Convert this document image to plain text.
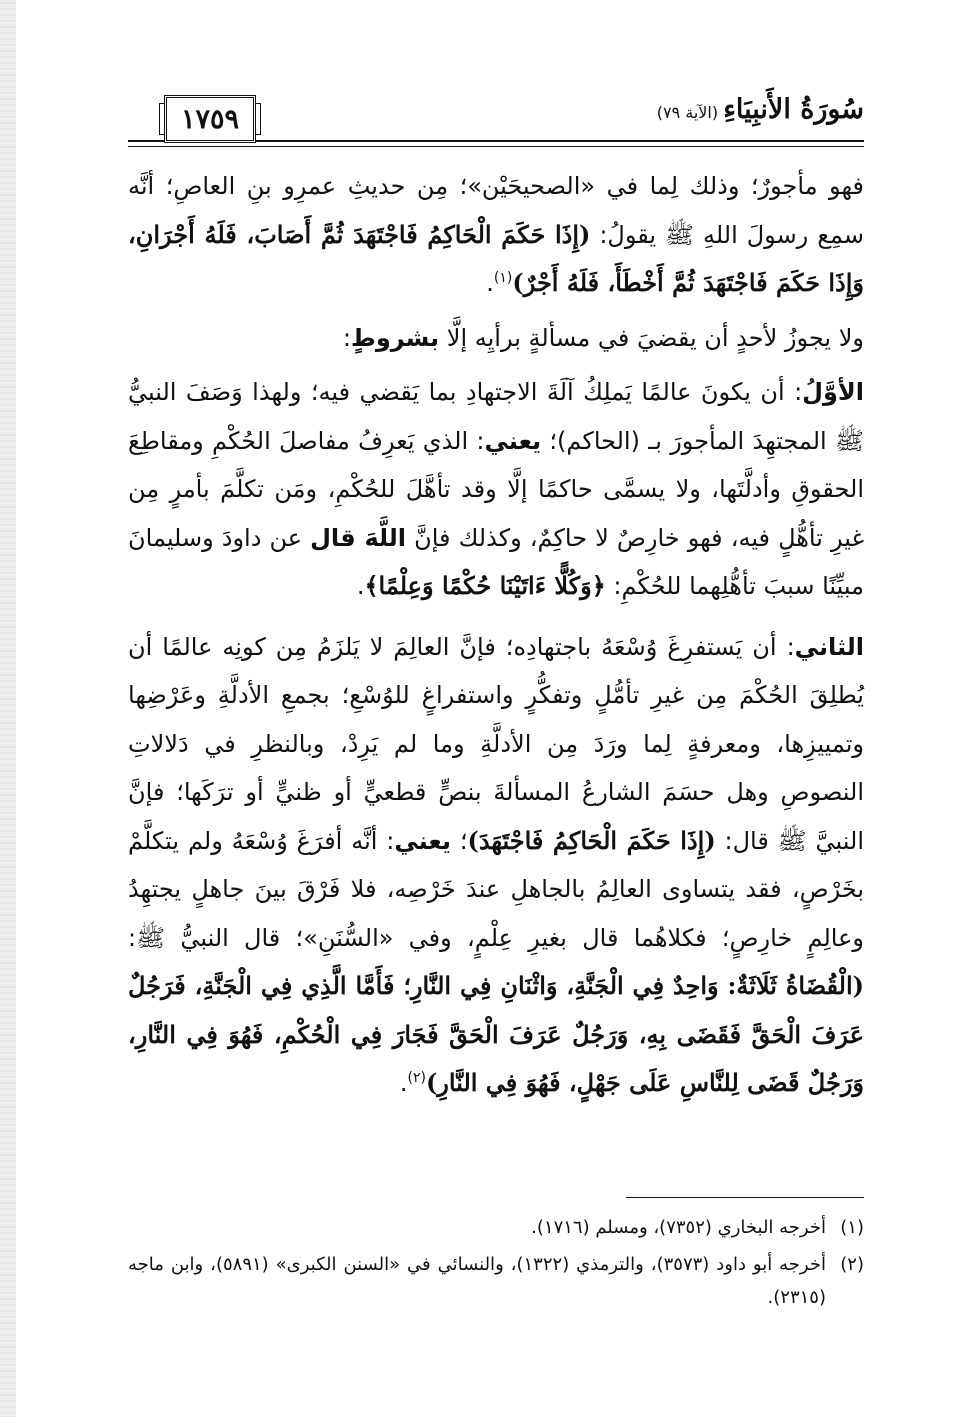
١٧٥٩	سُورَةُ الأَنبِيَاءِ (الآية ٧٩)

فهو مأجورٌ؛ وذلك لِما في «الصحيحَيْن»؛ مِن حديثِ عمرِو بنِ العاصِ؛ أنَّه سمِع رسولَ اللهِ ﷺ يقولُ: (إِذَا حَكَمَ الْحَاكِمُ فَاجْتَهَدَ ثُمَّ أَصَابَ، فَلَهُ أَجْرَانِ، وَإِذَا حَكَمَ فَاجْتَهَدَ ثُمَّ أَخْطَأَ، فَلَهُ أَجْرٌ)$^{(١)}$.

ولا يجوزُ لأحدٍ أن يقضيَ في مسألةٍ برأيِه إلَّا بشروطٍ:

الأوَّلُ: أن يكونَ عالمًا يَملِكُ آلَةَ الاجتهادِ بما يَقضي فيه؛ ولهذا وَصَفَ النبيُّ ﷺ المجتهِدَ المأجورَ بـ (الحاكم)؛ يعني: الذي يَعرِفُ مفاصلَ الحُكْمِ ومقاطِعَ الحقوقِ وأدلَّتَها، ولا يسمَّى حاكمًا إلَّا وقد تأهَّلَ للحُكْمِ، ومَن تكلَّمَ بأمرٍ مِن غيرِ تأهُّلٍ فيه، فهو خارِصٌ لا حاكِمٌ، وكذلك فإنَّ اللَّهَ قال عن داودَ وسليمانَ مبيِّنًا سببَ تأهُّلِهما للحُكْمِ: ﴿وَكُلًّا ءَاتَيْنَا حُكْمًا وَعِلْمًا﴾.

الثاني: أن يَستفرِغَ وُسْعَهُ باجتهادِه؛ فإنَّ العالِمَ لا يَلزَمُ مِن كونِه عالمًا أن يُطلِقَ الحُكْمَ مِن غيرِ تأمُّلٍ وتفكُّرٍ واستفراغٍ للوُسْعِ؛ بجمعِ الأدلَّةِ وعَرْضِها وتمييزِها، ومعرفةٍ لِما ورَدَ مِن الأدلَّةِ وما لم يَرِدْ، وبالنظرِ في دَلالاتِ النصوصِ وهل حسَمَ الشارعُ المسألةَ بنصٍّ قطعيٍّ أو ظنيٍّ أو ترَكَها؛ فإنَّ النبيَّ ﷺ قال: (إِذَا حَكَمَ الْحَاكِمُ فَاجْتَهَدَ)؛ يعني: أنَّه أفرَغَ وُسْعَهُ ولم يتكلَّمْ بخَرْصٍ، فقد يتساوى العالِمُ بالجاهلِ عندَ خَرْصِه، فلا فَرْقَ بينَ جاهلٍ يجتهِدُ وعالِمٍ خارِصٍ؛ فكلاهُما قال بغيرِ عِلْمٍ، وفي «السُّنَنِ»؛ قال النبيُّ ﷺ: (الْقُضَاةُ ثَلَاثَةٌ: وَاحِدٌ فِي الْجَنَّةِ، وَاثْنَانِ فِي النَّارِ؛ فَأَمَّا الَّذِي فِي الْجَنَّةِ، فَرَجُلٌ عَرَفَ الْحَقَّ فَقَضَى بِهِ، وَرَجُلٌ عَرَفَ الْحَقَّ فَجَارَ فِي الْحُكْمِ، فَهُوَ فِي النَّارِ، وَرَجُلٌ قَضَى لِلنَّاسِ عَلَى جَهْلٍ، فَهُوَ فِي النَّارِ)$^{(٢)}$.

(١)
أخرجه البخاري (٧٣٥٢)، ومسلم (١٧١٦).
(٢)
أخرجه أبو داود (٣٥٧٣)، والترمذي (١٣٢٢)، والنسائي في «السنن الكبرى» (٥٨٩١)، وابن ماجه (٢٣١٥).
